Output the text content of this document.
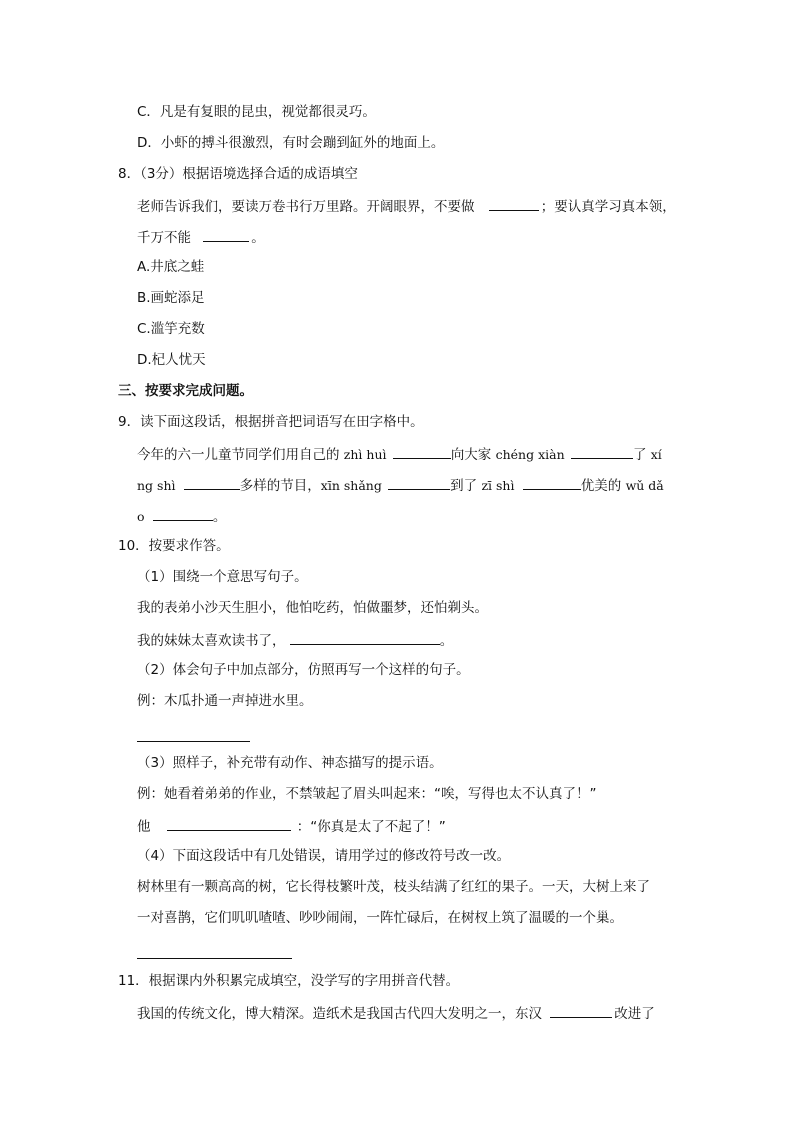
C．凡是有复眼的昆虫，视觉都很灵巧。
D．小虾的搏斗很激烈，有时会蹦到缸外的地面上。
8．（3分）根据语境选择合适的成语填空
老师告诉我们，要读万卷书行万里路。开阔眼界，不要做	；要认真学习真本领，
千万不能	。
A.井底之蛙
B.画蛇添足
C.滥竽充数
D.杞人忧天
三、按要求完成问题。
9．读下面这段话，根据拼音把词语写在田字格中。
今年的六一儿童节同学们用自己的 zhì huì	向大家 chéng xiàn	了 xí
ng shì	多样的节目，xīn shǎng	到了 zī shì	优美的 wǔ dǎ
o	。
10．按要求作答。
（1）围绕一个意思写句子。
我的表弟小沙天生胆小，他怕吃药，怕做噩梦，还怕剃头。
我的妹妹太喜欢读书了，	。
（2）体会句子中加点部分，仿照再写一个这样的句子。
例：木瓜扑通一声掉进水里。
（3）照样子，补充带有动作、神态描写的提示语。
例：她看着弟弟的作业，不禁皱起了眉头叫起来：“唉，写得也太不认真了！”
他	：“你真是太了不起了！”
（4）下面这段话中有几处错误，请用学过的修改符号改一改。
树林里有一颗高高的树，它长得枝繁叶茂，枝头结满了红红的果子。一天，大树上来了
一对喜鹊，它们叽叽喳喳、吵吵闹闹，一阵忙碌后，在树杈上筑了温暖的一个巢。
11．根据课内外积累完成填空，没学写的字用拼音代替。
我国的传统文化，博大精深。造纸术是我国古代四大发明之一，东汉	改进了
